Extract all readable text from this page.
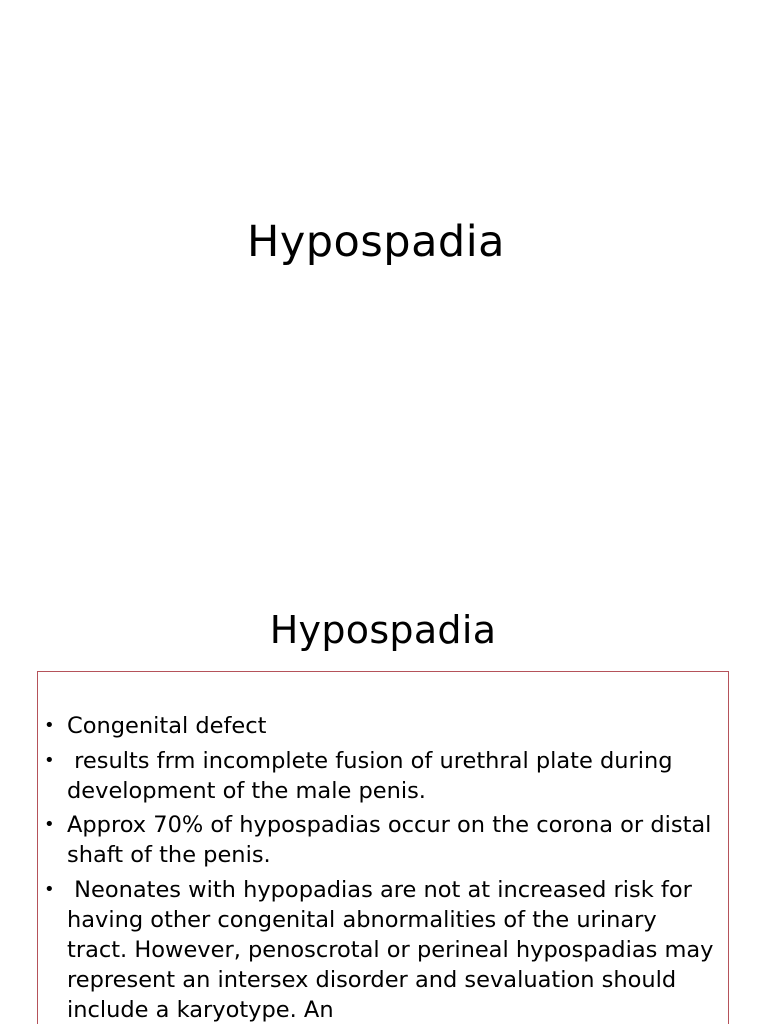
Hypospadia
Hypospadia
• Congenital defect
• results frm incomplete fusion of urethral plate during development of the male penis.
• Approx 70% of hypospadias occur on the corona or distal shaft of the penis.
• Neonates with hypopadias are not at increased risk for having other congenital abnormalities of the urinary tract. However, penoscrotal or perineal hypospadias may represent an intersex disorder and sevaluation should include a karyotype. An
